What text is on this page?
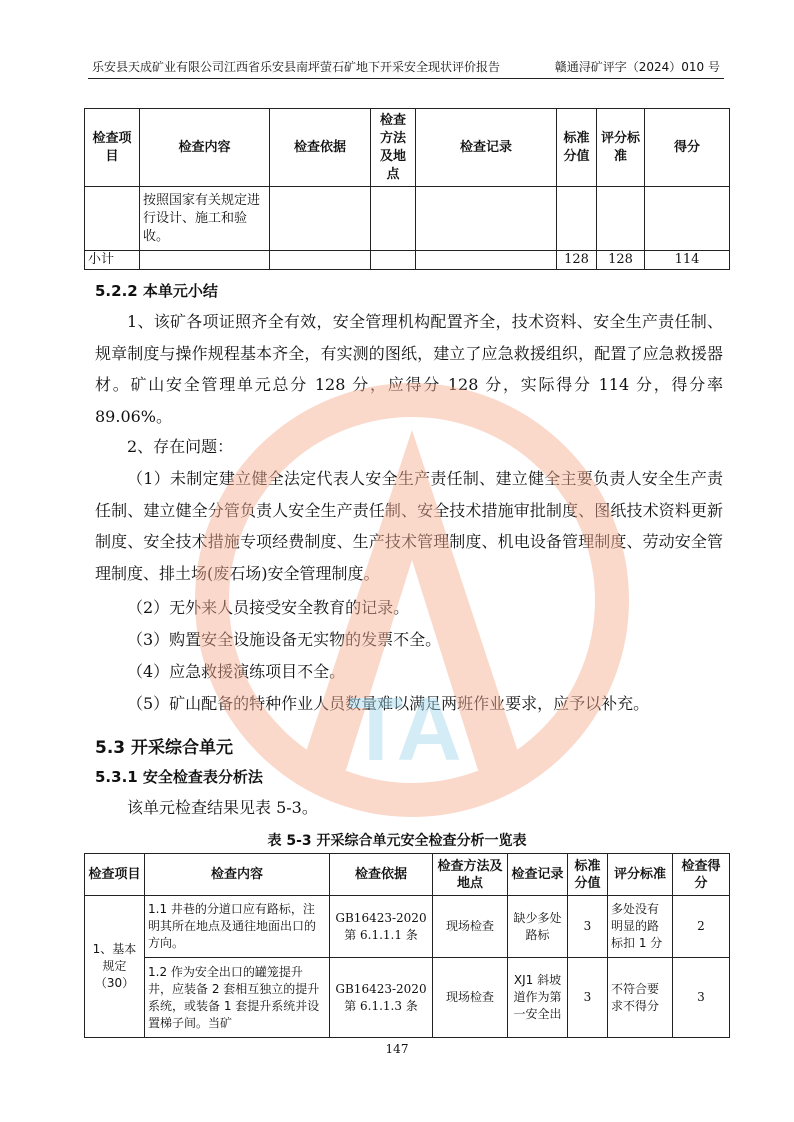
乐安县天成矿业有限公司江西省乐安县南坪萤石矿地下开采安全现状评价报告	赣通浔矿评字（2024）010 号
检查项目	检查内容	检查依据	检查方法及地点	检查记录	标准分值	评分标准	得分
	按照国家有关规定进行设计、施工和验收。						
小计					128	128	114
5.2.2 本单元小结
1、该矿各项证照齐全有效，安全管理机构配置齐全，技术资料、安全生产责任制、规章制度与操作规程基本齐全，有实测的图纸，建立了应急救援组织，配置了应急救援器材。矿山安全管理单元总分 128 分，应得分 128 分，实际得分 114 分，得分率 89.06%。
2、存在问题：
（1）未制定建立健全法定代表人安全生产责任制、建立健全主要负责人安全生产责任制、建立健全分管负责人安全生产责任制、安全技术措施审批制度、图纸技术资料更新制度、安全技术措施专项经费制度、生产技术管理制度、机电设备管理制度、劳动安全管理制度、排土场(废石场)安全管理制度。
（2）无外来人员接受安全教育的记录。
（3）购置安全设施设备无实物的发票不全。
（4）应急救援演练项目不全。
（5）矿山配备的特种作业人员数量难以满足两班作业要求，应予以补充。
5.3 开采综合单元
5.3.1 安全检查表分析法
该单元检查结果见表 5-3。
表 5-3 开采综合单元安全检查分析一览表
检查项目	检查内容	检查依据	检查方法及地点	检查记录	标准分值	评分标准	检查得分
1、基本规定（30）	1.1 井巷的分道口应有路标，注明其所在地点及通往地面出口的方向。	GB16423-2020 第 6.1.1.1 条	现场检查	缺少多处路标	3	多处没有明显的路标扣 1 分	2
	1.2 作为安全出口的罐笼提升井，应装备 2 套相互独立的提升系统，或装备 1 套提升系统并设置梯子间。当矿	GB16423-2020 第 6.1.1.3 条	现场检查	XJ1 斜坡道作为第一安全出	3	不符合要求不得分	3
147
TA
